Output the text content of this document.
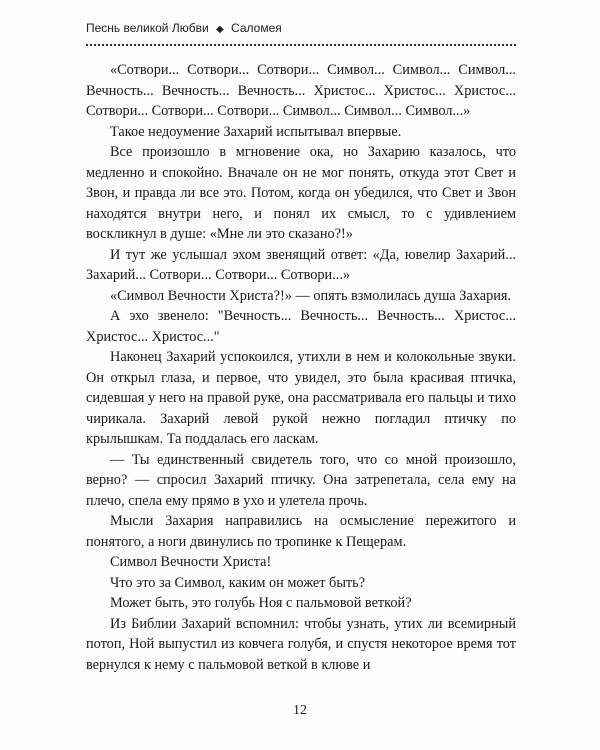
Песнь великой Любви ◆ Саломея

«Сотвори... Сотвори... Сотвори... Символ... Символ... Символ... Вечность... Вечность... Вечность... Христос... Христос... Христос... Сотвори... Сотвори... Сотвори... Символ... Символ... Символ...»

Такое недоумение Захарий испытывал впервые.

Все произошло в мгновение ока, но Захарию казалось, что медленно и спокойно. Вначале он не мог понять, откуда этот Свет и Звон, и правда ли все это. Потом, когда он убедился, что Свет и Звон находятся внутри него, и понял их смысл, то с удивлением воскликнул в душе: «Мне ли это сказано?!»

И тут же услышал эхом звенящий ответ: «Да, ювелир Захарий... Захарий... Сотвори... Сотвори... Сотвори...»

«Символ Вечности Христа?!» — опять взмолилась душа Захария.

А эхо звенело: "Вечность... Вечность... Вечность... Христос... Христос... Христос..."

Наконец Захарий успокоился, утихли в нем и колокольные звуки. Он открыл глаза, и первое, что увидел, это была красивая птичка, сидевшая у него на правой руке, она рассматривала его пальцы и тихо чирикала. Захарий левой рукой нежно погладил птичку по крылышкам. Та поддалась его ласкам.

— Ты единственный свидетель того, что со мной произошло, верно? — спросил Захарий птичку. Она затрепетала, села ему на плечо, спела ему прямо в ухо и улетела прочь.

Мысли Захария направились на осмысление пережитого и понятого, а ноги двинулись по тропинке к Пещерам.

Символ Вечности Христа!

Что это за Символ, каким он может быть?

Может быть, это голубь Ноя с пальмовой веткой?

Из Библии Захарий вспомнил: чтобы узнать, утих ли всемирный потоп, Ной выпустил из ковчега голубя, и спустя некоторое время тот вернулся к нему с пальмовой веткой в клюве и

12
